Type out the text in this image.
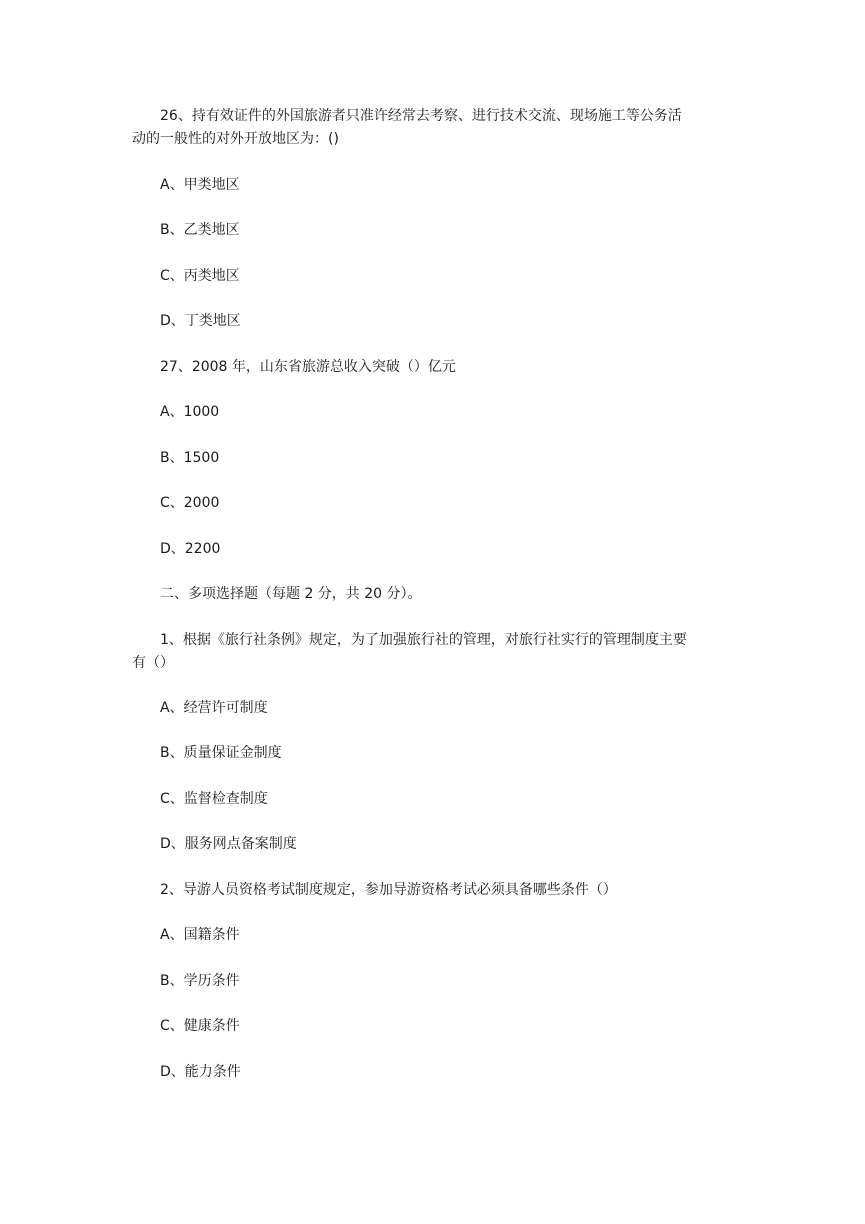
26、持有效证件的外国旅游者只准许经常去考察、进行技术交流、现场施工等公务活
动的一般性的对外开放地区为：()
A、甲类地区
B、乙类地区
C、丙类地区
D、丁类地区
27、2008 年，山东省旅游总收入突破（）亿元
A、1000
B、1500
C、2000
D、2200
二、多项选择题（每题 2 分，共 20 分）。
1、根据《旅行社条例》规定，为了加强旅行社的管理，对旅行社实行的管理制度主要
有（）
A、经营许可制度
B、质量保证金制度
C、监督检查制度
D、服务网点备案制度
2、导游人员资格考试制度规定，参加导游资格考试必须具备哪些条件（）
A、国籍条件
B、学历条件
C、健康条件
D、能力条件
